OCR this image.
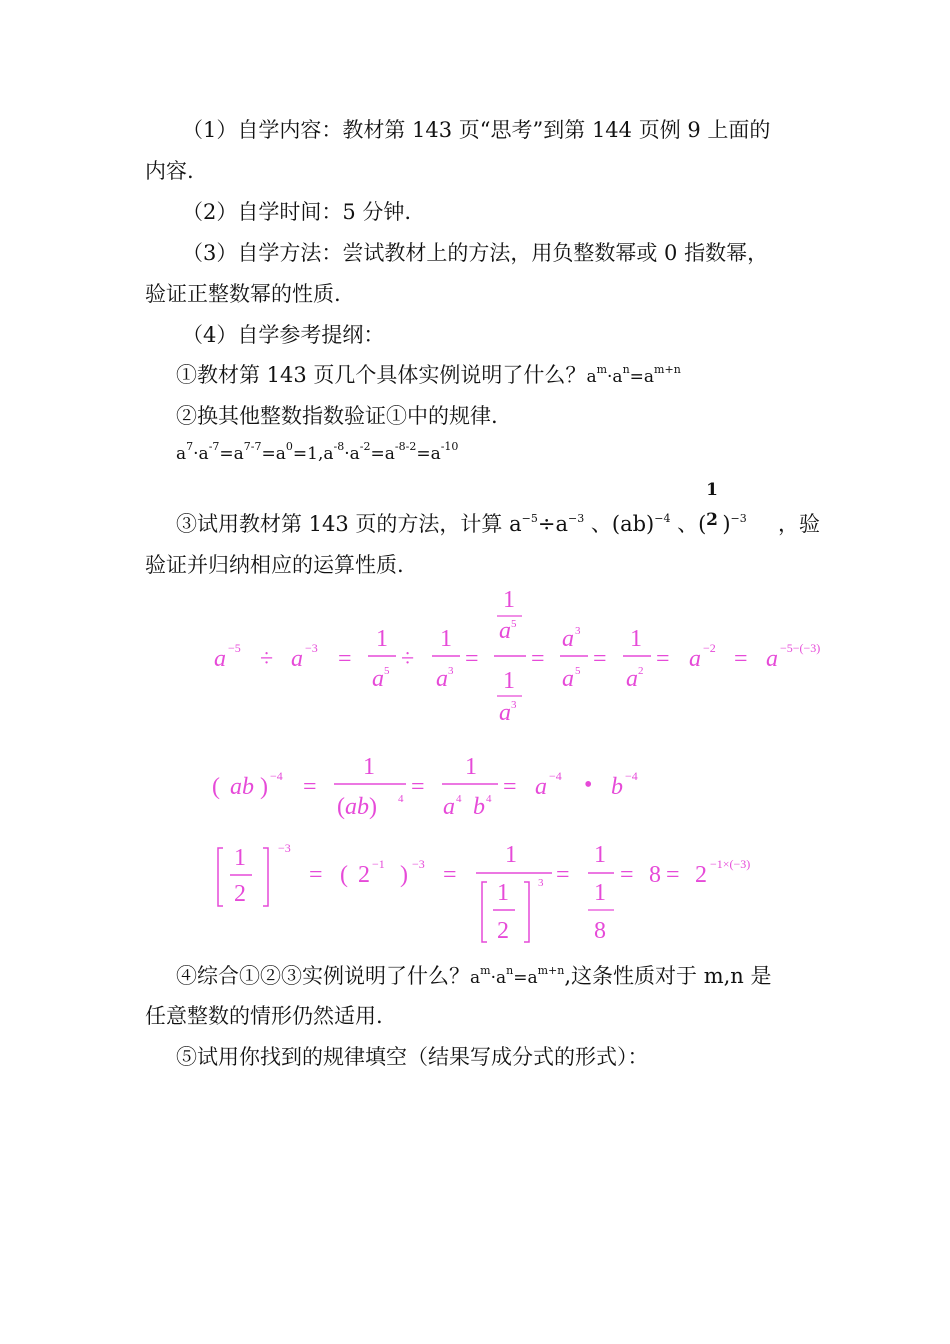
（1）自学内容：教材第 143 页“思考”到第 144 页例 9 上面的
内容.
（2）自学时间：5 分钟.
（3）自学方法：尝试教材上的方法，用负整数幂或 0 指数幂，
验证正整数幂的性质.
（4）自学参考提纲：
①教材第 143 页几个具体实例说明了什么？$a^m\cdot a^n=a^{m+n}$
②换其他整数指数验证①中的规律.
$a^7\cdot a^{-7}=a^{7-7}=a^0=1,a^{-8}\cdot a^{-2}=a^{-8-2}=a^{-10}$
③试用教材第 143 页的方法，计算 $a^{-5}\div a^{-3}$ 、(ab)$^{-4}$ 、( )$^{-3}$
1
2	，验
验证并归纳相应的运算性质.
a −5 ÷ a −3 =
1
a 5 ÷
1
a 3 =
1
a 5
1
a 3
=
a 3
a 5 =
1
a 2 = a −2 = a −5−(−3)
( ab ) −4 =
1
(ab) 4 =
1
a 4 b 4 = a −4 • b −4
1
2
−3
= ( 2 −1 ) −3 =
1
1
2
3 =
1
1
8
= 8 = 2 −1×(−3)
④综合①②③实例说明了什么？$a^m\cdot a^n=a^{m+n}$,这条性质对于 m,n 是
任意整数的情形仍然适用.
⑤试用你找到的规律填空（结果写成分式的形式）：
